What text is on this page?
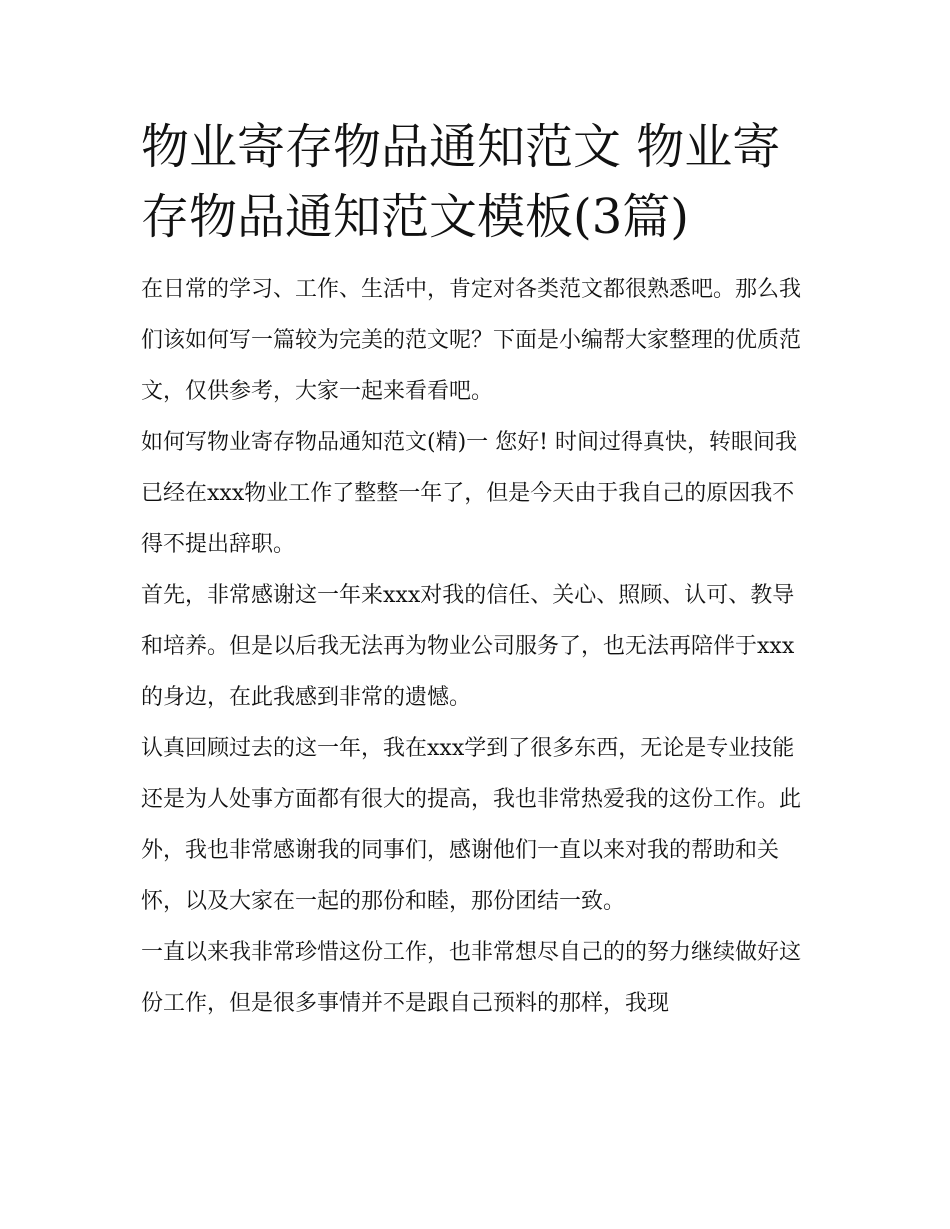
物业寄存物品通知范文 物业寄存物品通知范文模板(3篇)

在日常的学习、工作、生活中，肯定对各类范文都很熟悉吧。那么我们该如何写一篇较为完美的范文呢？下面是小编帮大家整理的优质范文，仅供参考，大家一起来看看吧。

如何写物业寄存物品通知范文(精)一 您好! 时间过得真快，转眼间我已经在xxx物业工作了整整一年了，但是今天由于我自己的原因我不得不提出辞职。

首先，非常感谢这一年来xxx对我的信任、关心、照顾、认可、教导和培养。但是以后我无法再为物业公司服务了，也无法再陪伴于xxx的身边，在此我感到非常的遗憾。

认真回顾过去的这一年，我在xxx学到了很多东西，无论是专业技能还是为人处事方面都有很大的提高，我也非常热爱我的这份工作。此外，我也非常感谢我的同事们，感谢他们一直以来对我的帮助和关怀，以及大家在一起的那份和睦，那份团结一致。

一直以来我非常珍惜这份工作，也非常想尽自己的的努力继续做好这份工作，但是很多事情并不是跟自己预料的那样，我现
